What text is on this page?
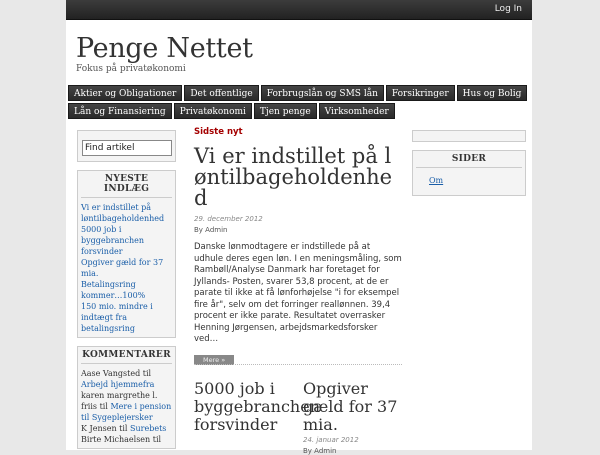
Log In
Penge Nettet
Fokus på privatøkonomi
Aktier og Obligationer	Det offentlige	Forbrugslån og SMS lån	Forsikringer	Hus og Bolig
Lån og Finansiering	Privatøkonomi	Tjen penge	Virksomheder
Find artikel
NYESTE INDLÆG
Vi er indstillet på løntilbageholdenhed
5000 job i byggebranchen forsvinder
Opgiver gæld for 37 mia.
Betalingsring kommer…100%
150 mio. mindre i indtægt fra betalingsring
KOMMENTARER
Aase Vangsted til Arbejd hjemmefra
karen margrethe l. friis til Mere i pension til Sygeplejersker
K Jensen til Surebets
Birte Michaelsen til
Sidste nyt
Vi er indstillet på løntilbageholdenhed
29. december 2012
By Admin

Danske lønmodtagere er indstillede på at udhule deres egen løn. I en meningsmåling, som Rambøll/Analyse Danmark har foretaget for Jyllands- Posten, svarer 53,8 procent, at de er parate til ikke at få lønforhøjelse "i for eksempel fire år", selv om det forringer reallønnen. 39,4 procent er ikke parate. Resultatet overrasker Henning Jørgensen, arbejdsmarkedsforsker ved…

Mere »
5000 job i byggebranchen forsvinder
Opgiver gæld for 37 mia.
24. januar 2012
By Admin
SIDER
Om
